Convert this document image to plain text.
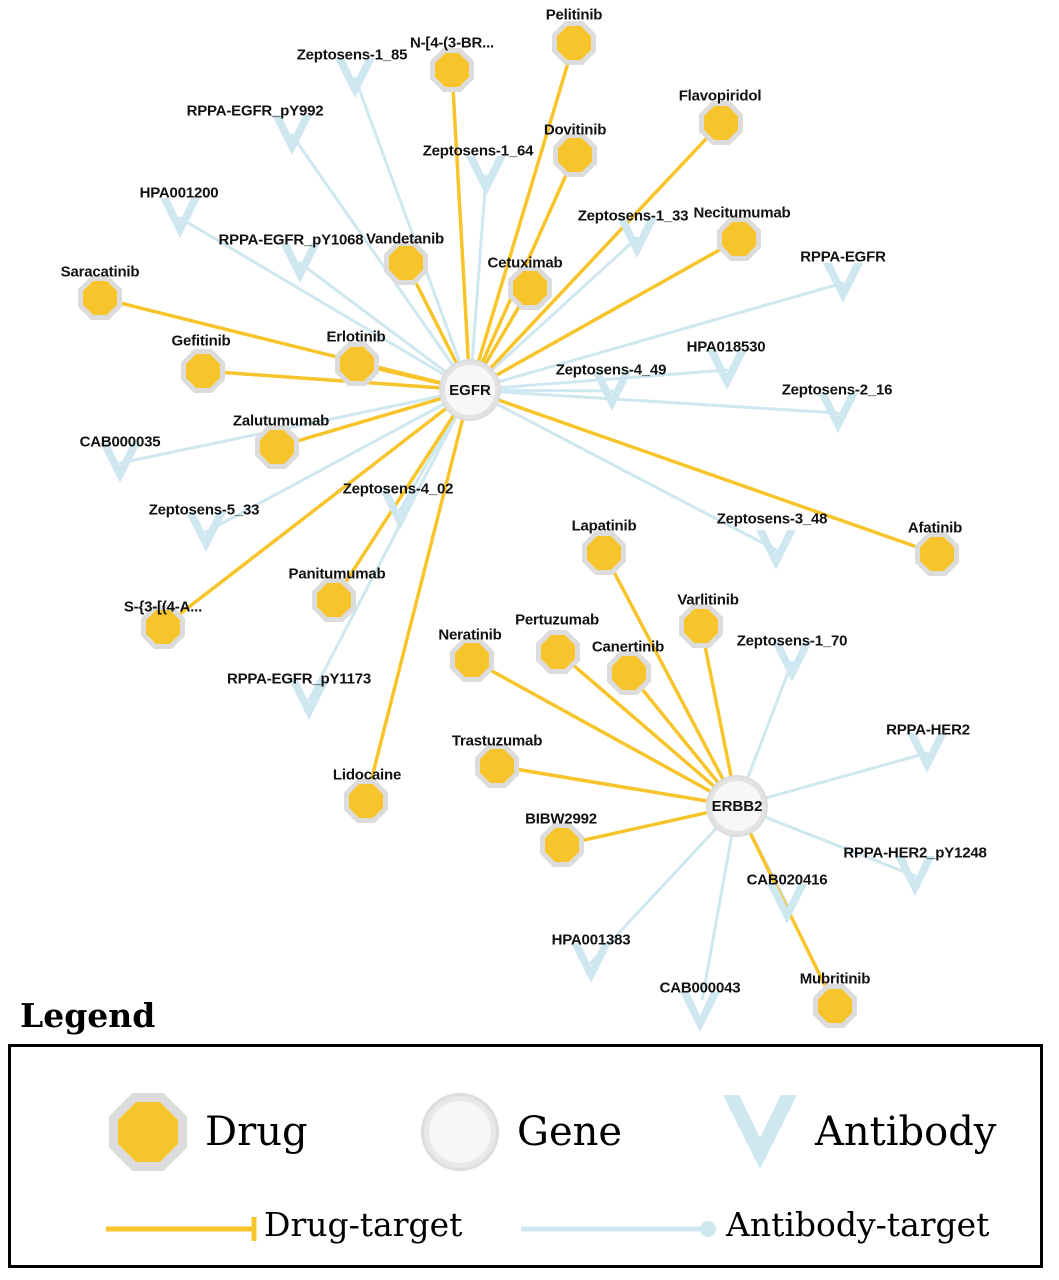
Zeptosens-1_85
RPPA-EGFR_pY992
Zeptosens-1_64
HPA001200
Zeptosens-1_33
RPPA-EGFR_pY1068
RPPA-EGFR
HPA018530
Zeptosens-4_49
Zeptosens-2_16
CAB000035
Zeptosens-5_33
Zeptosens-4_02
Zeptosens-3_48
Zeptosens-1_70
RPPA-EGFR_pY1173
RPPA-HER2
RPPA-HER2_pY1248
CAB020416
HPA001383
CAB000043
Pelitinib
N-[4-(3-BR...
Flavopiridol
Dovitinib
Necitumumab
Vandetanib
Cetuximab
Saracatinib
Gefitinib	Erlotinib
Zalutumumab
Afatinib
Lapatinib
Varlitinib
Panitumumab
S-{3-[(4-A...
Pertuzumab
Neratinib
Canertinib
Trastuzumab
Lidocaine
BIBW2992
Mubritinib
EGFR
ERBB2
Legend
Drug	Gene	Antibody
Drug-target	Antibody-target
